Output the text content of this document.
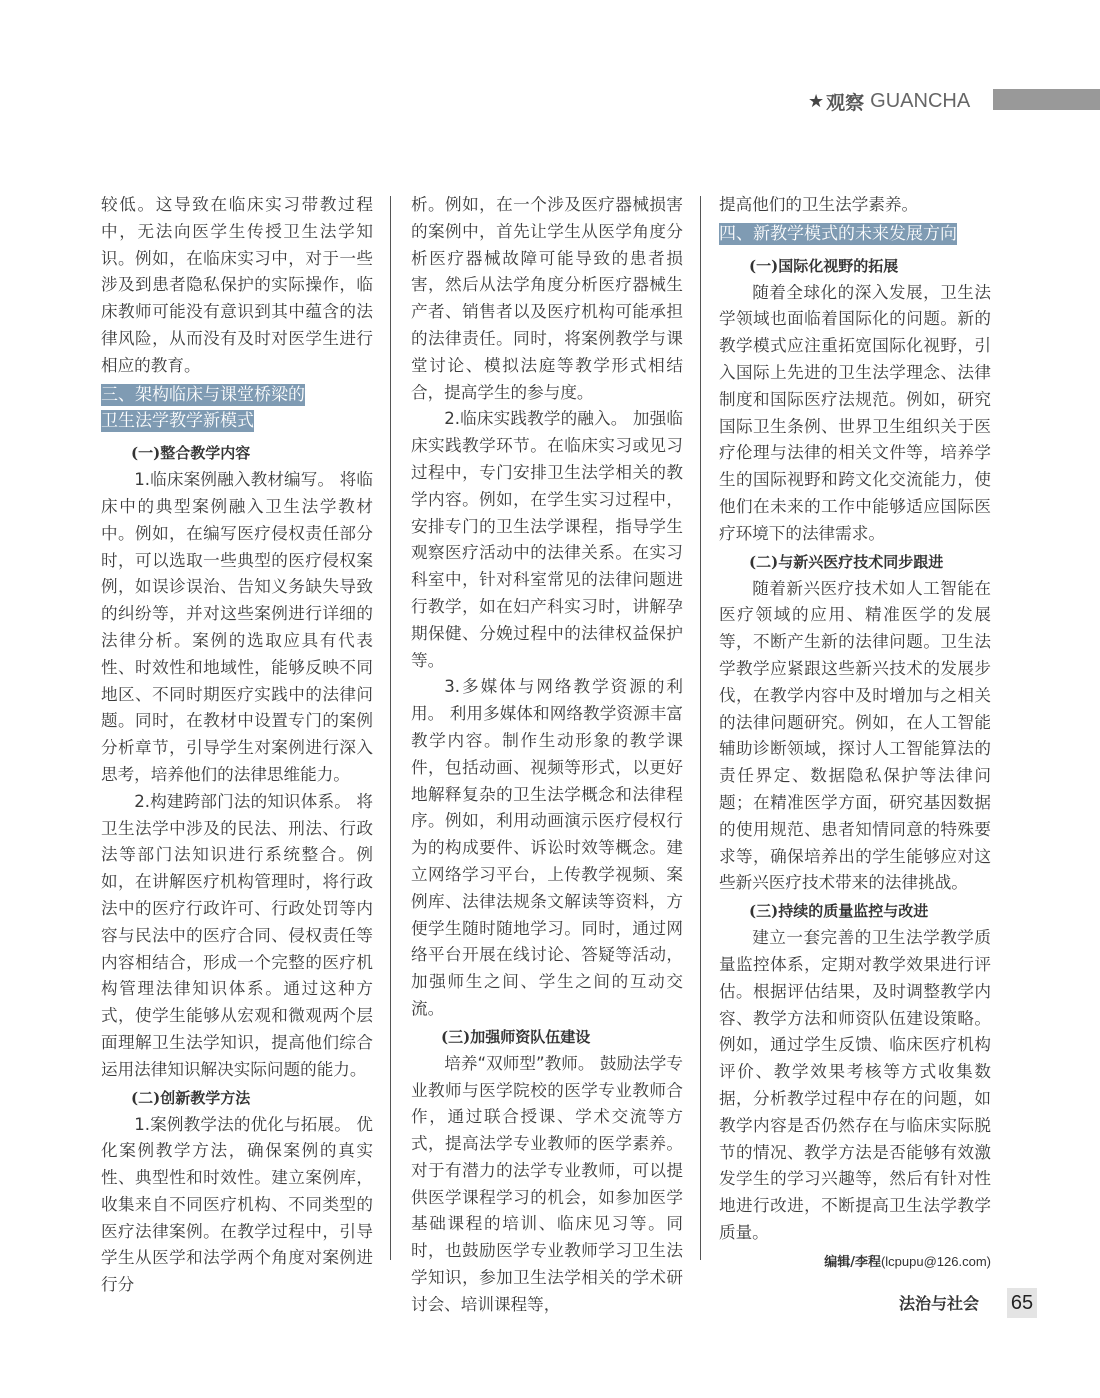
★ 观察 GUANCHA
较低。这导致在临床实习带教过程中，无法向医学生传授卫生法学知识。例如，在临床实习中，对于一些涉及到患者隐私保护的实际操作，临床教师可能没有意识到其中蕴含的法律风险，从而没有及时对医学生进行相应的教育。
三、架构临床与课堂桥梁的
卫生法学教学新模式
(一)整合教学内容
1.临床案例融入教材编写。 将临床中的典型案例融入卫生法学教材中。例如，在编写医疗侵权责任部分时，可以选取一些典型的医疗侵权案例，如误诊误治、告知义务缺失导致的纠纷等，并对这些案例进行详细的法律分析。案例的选取应具有代表性、时效性和地域性，能够反映不同地区、不同时期医疗实践中的法律问题。同时，在教材中设置专门的案例分析章节，引导学生对案例进行深入思考，培养他们的法律思维能力。
2.构建跨部门法的知识体系。 将卫生法学中涉及的民法、刑法、行政法等部门法知识进行系统整合。例如，在讲解医疗机构管理时，将行政法中的医疗行政许可、行政处罚等内容与民法中的医疗合同、侵权责任等内容相结合，形成一个完整的医疗机构管理法律知识体系。通过这种方式，使学生能够从宏观和微观两个层面理解卫生法学知识，提高他们综合运用法律知识解决实际问题的能力。
(二)创新教学方法
1.案例教学法的优化与拓展。 优化案例教学方法，确保案例的真实性、典型性和时效性。建立案例库，收集来自不同医疗机构、不同类型的医疗法律案例。在教学过程中，引导学生从医学和法学两个角度对案例进行分
析。例如，在一个涉及医疗器械损害的案例中，首先让学生从医学角度分析医疗器械故障可能导致的患者损害，然后从法学角度分析医疗器械生产者、销售者以及医疗机构可能承担的法律责任。同时，将案例教学与课堂讨论、模拟法庭等教学形式相结合，提高学生的参与度。
2.临床实践教学的融入。 加强临床实践教学环节。在临床实习或见习过程中，专门安排卫生法学相关的教学内容。例如，在学生实习过程中，安排专门的卫生法学课程，指导学生观察医疗活动中的法律关系。在实习科室中，针对科室常见的法律问题进行教学，如在妇产科实习时，讲解孕期保健、分娩过程中的法律权益保护等。
3.多媒体与网络教学资源的利用。 利用多媒体和网络教学资源丰富教学内容。制作生动形象的教学课件，包括动画、视频等形式，以更好地解释复杂的卫生法学概念和法律程序。例如，利用动画演示医疗侵权行为的构成要件、诉讼时效等概念。建立网络学习平台，上传教学视频、案例库、法律法规条文解读等资料，方便学生随时随地学习。同时，通过网络平台开展在线讨论、答疑等活动，加强师生之间、学生之间的互动交流。
(三)加强师资队伍建设
培养“双师型”教师。 鼓励法学专业教师与医学院校的医学专业教师合作，通过联合授课、学术交流等方式，提高法学专业教师的医学素养。对于有潜力的法学专业教师，可以提供医学课程学习的机会，如参加医学基础课程的培训、临床见习等。同时，也鼓励医学专业教师学习卫生法学知识，参加卫生法学相关的学术研讨会、培训课程等，
提高他们的卫生法学素养。
四、新教学模式的未来发展方向
(一)国际化视野的拓展
随着全球化的深入发展，卫生法学领域也面临着国际化的问题。新的教学模式应注重拓宽国际化视野，引入国际上先进的卫生法学理念、法律制度和国际医疗法规范。例如，研究国际卫生条例、世界卫生组织关于医疗伦理与法律的相关文件等，培养学生的国际视野和跨文化交流能力，使他们在未来的工作中能够适应国际医疗环境下的法律需求。
(二)与新兴医疗技术同步跟进
随着新兴医疗技术如人工智能在医疗领域的应用、精准医学的发展等，不断产生新的法律问题。卫生法学教学应紧跟这些新兴技术的发展步伐，在教学内容中及时增加与之相关的法律问题研究。例如，在人工智能辅助诊断领域，探讨人工智能算法的责任界定、数据隐私保护等法律问题；在精准医学方面，研究基因数据的使用规范、患者知情同意的特殊要求等，确保培养出的学生能够应对这些新兴医疗技术带来的法律挑战。
(三)持续的质量监控与改进
建立一套完善的卫生法学教学质量监控体系，定期对教学效果进行评估。根据评估结果，及时调整教学内容、教学方法和师资队伍建设策略。例如，通过学生反馈、临床医疗机构评价、教学效果考核等方式收集数据，分析教学过程中存在的问题，如教学内容是否仍然存在与临床实际脱节的情况、教学方法是否能够有效激发学生的学习兴趣等，然后有针对性地进行改进，不断提高卫生法学教学质量。
编辑/李程(lcpupu@126.com)
法治与社会 65
